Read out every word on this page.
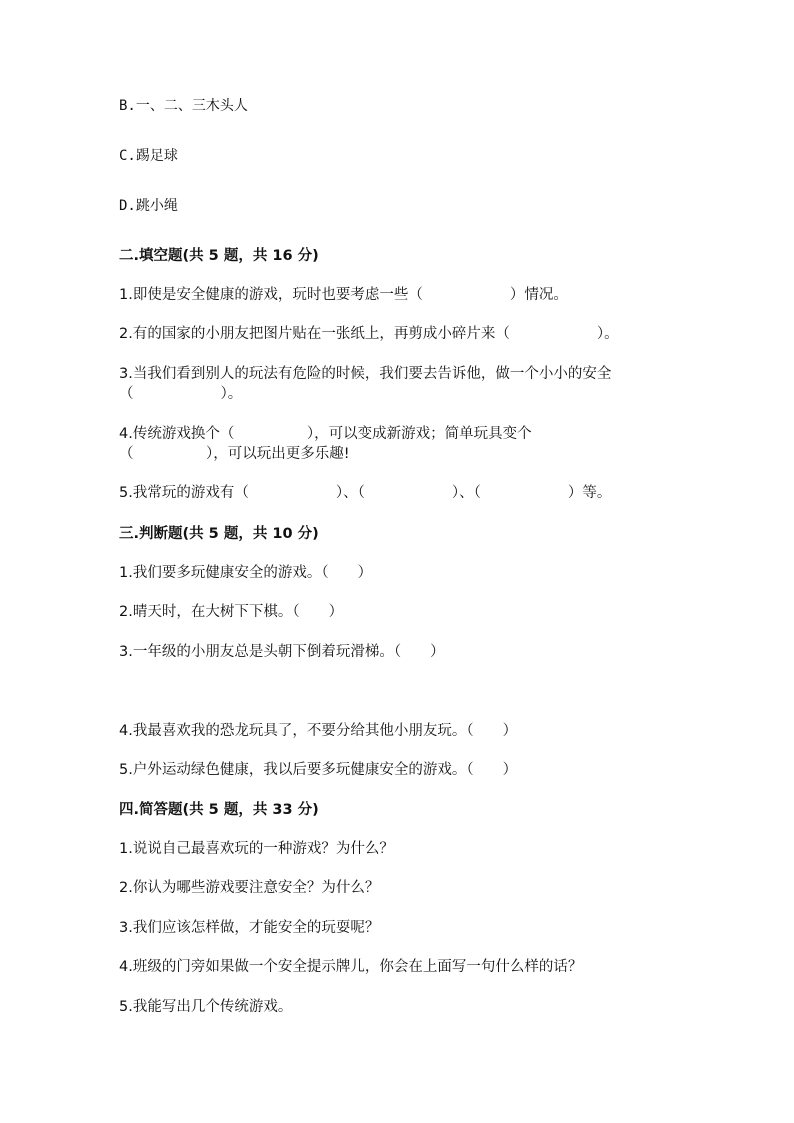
B.一、二、三木头人

C.踢足球

D.跳小绳

二.填空题(共 5 题，共 16 分)

1.即使是安全健康的游戏，玩时也要考虑一些（　　　　　　）情况。

2.有的国家的小朋友把图片贴在一张纸上，再剪成小碎片来（　　　　　　）。

3.当我们看到别人的玩法有危险的时候，我们要去告诉他，做一个小小的安全

（　　　　　　）。

4.传统游戏换个（　　　　　），可以变成新游戏；简单玩具变个

（　　　　　），可以玩出更多乐趣!

5.我常玩的游戏有（　　　　　　）、（　　　　　　）、（　　　　　　）等。

三.判断题(共 5 题，共 10 分)

1.我们要多玩健康安全的游戏。（　　）

2.晴天时，在大树下下棋。（　　）

3.一年级的小朋友总是头朝下倒着玩滑梯。（　　）

4.我最喜欢我的恐龙玩具了，不要分给其他小朋友玩。（　　）

5.户外运动绿色健康，我以后要多玩健康安全的游戏。（　　）

四.简答题(共 5 题，共 33 分)

1.说说自己最喜欢玩的一种游戏？为什么？

2.你认为哪些游戏要注意安全？为什么？

3.我们应该怎样做，才能安全的玩耍呢？

4.班级的门旁如果做一个安全提示牌儿，你会在上面写一句什么样的话？

5.我能写出几个传统游戏。
